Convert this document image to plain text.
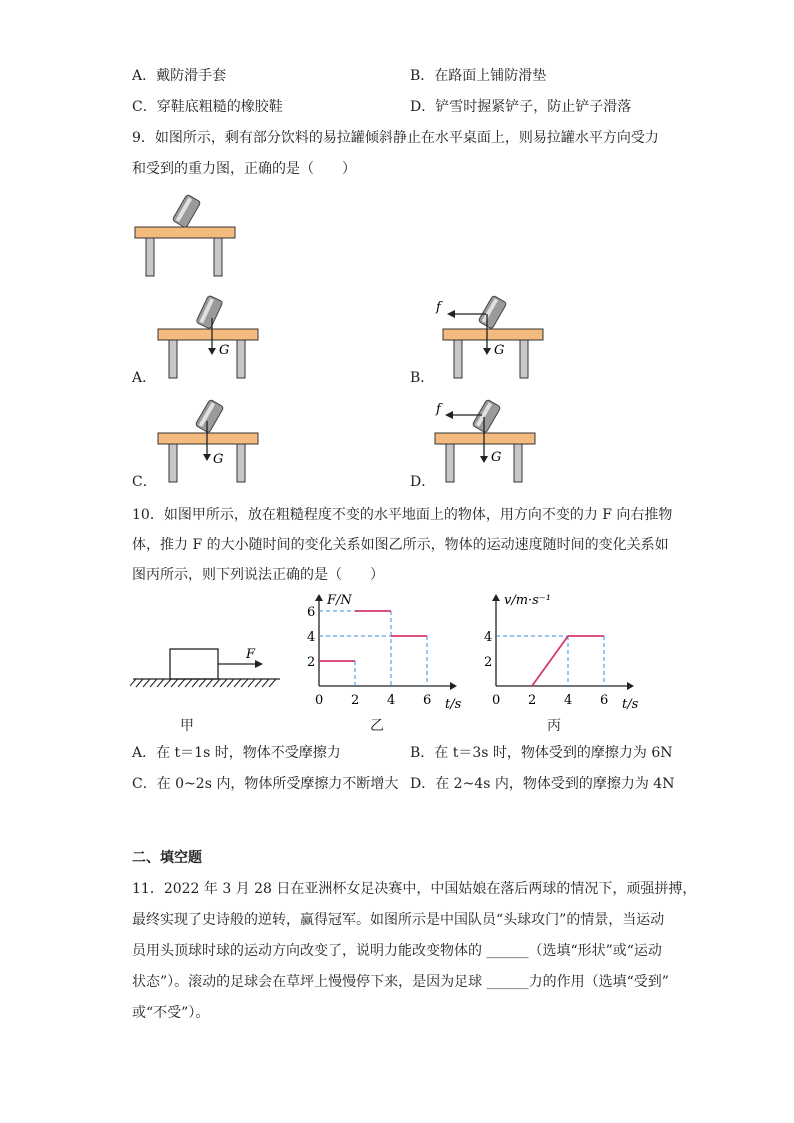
A．戴防滑手套	B．在路面上铺防滑垫
C．穿鞋底粗糙的橡胶鞋	D．铲雪时握紧铲子，防止铲子滑落
9．如图所示，剩有部分饮料的易拉罐倾斜静止在水平桌面上，则易拉罐水平方向受力
和受到的重力图，正确的是（　　）
G
A．
f
G
B．
G
C．
f
G
D．
10．如图甲所示，放在粗糙程度不变的水平地面上的物体，用方向不变的力 F 向右推物
体，推力 F 的大小随时间的变化关系如图乙所示，物体的运动速度随时间的变化关系如
图丙所示，则下列说法正确的是（　　）
F
甲
F/N
t/s
0 2 4 6
2
4
6
乙
v/m·s⁻¹
t/s
0 2 4 6
2
4
丙
A．在 t＝1s 时，物体不受摩擦力	B．在 t＝3s 时，物体受到的摩擦力为 6N
C．在 0~2s 内，物体所受摩擦力不断增大 D．在 2~4s 内，物体受到的摩擦力为 4N
二、填空题
11．2022 年 3 月 28 日在亚洲杯女足决赛中，中国姑娘在落后两球的情况下，顽强拼搏，
最终实现了史诗般的逆转，赢得冠军。如图所示是中国队员“头球攻门”的情景，当运动
员用头顶球时球的运动方向改变了，说明力能改变物体的 ______（选填“形状”或“运动
状态”）。滚动的足球会在草坪上慢慢停下来，是因为足球 ______力的作用（选填“受到”
或“不受”）。
